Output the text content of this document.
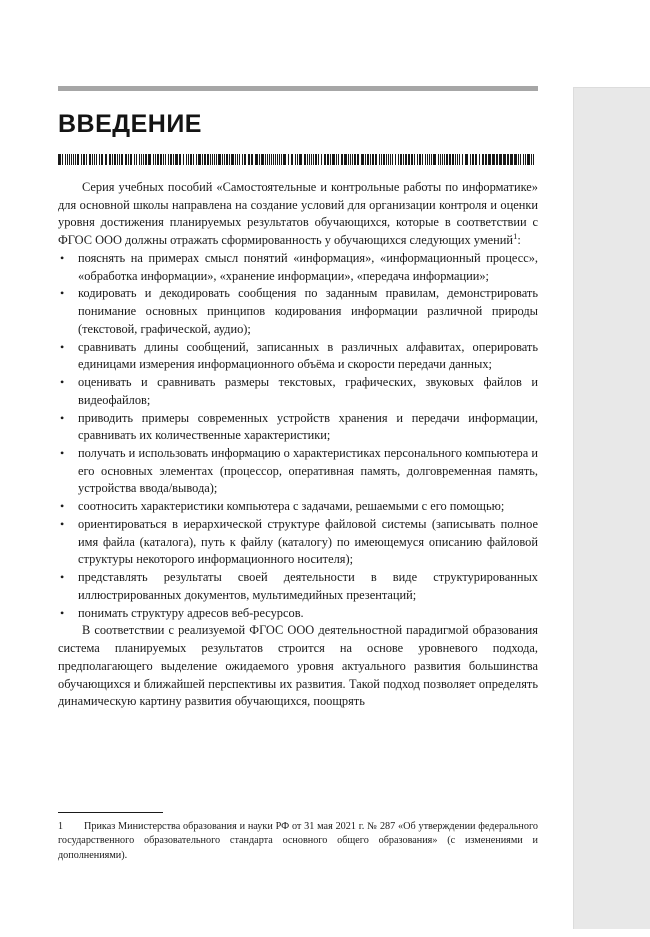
ВВЕДЕНИЕ

Серия учебных пособий «Самостоятельные и контрольные работы по информатике» для основной школы направлена на создание условий для организации контроля и оценки уровня достижения планируемых результатов обучающихся, которые в соответствии с ФГОС ООО должны отражать сформированность у обучающихся следующих умений$^1$:

• пояснять на примерах смысл понятий «информация», «информационный процесс», «обработка информации», «хранение информации», «передача информации»;
• кодировать и декодировать сообщения по заданным правилам, демонстрировать понимание основных принципов кодирования информации различной природы (текстовой, графической, аудио);
• сравнивать длины сообщений, записанных в различных алфавитах, оперировать единицами измерения информационного объёма и скорости передачи данных;
• оценивать и сравнивать размеры текстовых, графических, звуковых файлов и видеофайлов;
• приводить примеры современных устройств хранения и передачи информации, сравнивать их количественные характеристики;
• получать и использовать информацию о характеристиках персонального компьютера и его основных элементах (процессор, оперативная память, долговременная память, устройства ввода/вывода);
• соотносить характеристики компьютера с задачами, решаемыми с его помощью;
• ориентироваться в иерархической структуре файловой системы (записывать полное имя файла (каталога), путь к файлу (каталогу) по имеющемуся описанию файловой структуры некоторого информационного носителя);
• представлять результаты своей деятельности в виде структурированных иллюстрированных документов, мультимедийных презентаций;
• понимать структуру адресов веб-ресурсов.

В соответствии с реализуемой ФГОС ООО деятельностной парадигмой образования система планируемых результатов строится на основе уровневого подхода, предполагающего выделение ожидаемого уровня актуального развития большинства обучающихся и ближайшей перспективы их развития. Такой подход позволяет определять динамическую картину развития обучающихся, поощрять

1	Приказ Министерства образования и науки РФ от 31 мая 2021 г. № 287 «Об утверждении федерального государственного образовательного стандарта основного общего образования» (с изменениями и дополнениями).
